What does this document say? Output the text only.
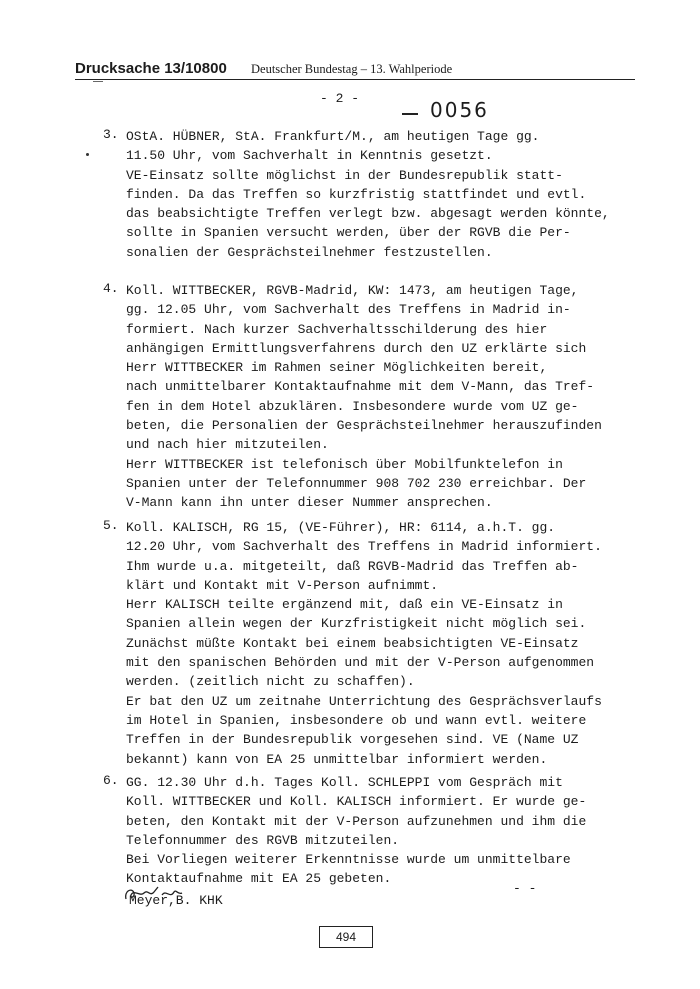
Drucksache 13/10800 Deutscher Bundestag – 13. Wahlperiode
- 2 -	0056
3. OStA. HÜBNER, StA. Frankfurt/M., am heutigen Tage gg.
11.50 Uhr, vom Sachverhalt in Kenntnis gesetzt.
VE-Einsatz sollte möglichst in der Bundesrepublik statt-
finden. Da das Treffen so kurzfristig stattfindet und evtl.
das beabsichtigte Treffen verlegt bzw. abgesagt werden könnte,
sollte in Spanien versucht werden, über der RGVB die Per-
sonalien der Gesprächsteilnehmer festzustellen.
4. Koll. WITTBECKER, RGVB-Madrid, KW: 1473, am heutigen Tage,
gg. 12.05 Uhr, vom Sachverhalt des Treffens in Madrid in-
formiert. Nach kurzer Sachverhaltsschilderung des hier
anhängigen Ermittlungsverfahrens durch den UZ erklärte sich
Herr WITTBECKER im Rahmen seiner Möglichkeiten bereit,
nach unmittelbarer Kontaktaufnahme mit dem V-Mann, das Tref-
fen in dem Hotel abzuklären. Insbesondere wurde vom UZ ge-
beten, die Personalien der Gesprächsteilnehmer herauszufinden
und nach hier mitzuteilen.
Herr WITTBECKER ist telefonisch über Mobilfunktelefon in
Spanien unter der Telefonnummer 908 702 230 erreichbar. Der
V-Mann kann ihn unter dieser Nummer ansprechen.
5. Koll. KALISCH, RG 15, (VE-Führer), HR: 6114, a.h.T. gg.
12.20 Uhr, vom Sachverhalt des Treffens in Madrid informiert.
Ihm wurde u.a. mitgeteilt, daß RGVB-Madrid das Treffen ab-
klärt und Kontakt mit V-Person aufnimmt.
Herr KALISCH teilte ergänzend mit, daß ein VE-Einsatz in
Spanien allein wegen der Kurzfristigkeit nicht möglich sei.
Zunächst müßte Kontakt bei einem beabsichtigten VE-Einsatz
mit den spanischen Behörden und mit der V-Person aufgenommen
werden. (zeitlich nicht zu schaffen).
Er bat den UZ um zeitnahe Unterrichtung des Gesprächsverlaufs
im Hotel in Spanien, insbesondere ob und wann evtl. weitere
Treffen in der Bundesrepublik vorgesehen sind. VE (Name UZ
bekannt) kann von EA 25 unmittelbar informiert werden.
6. GG. 12.30 Uhr d.h. Tages Koll. SCHLEPPI vom Gespräch mit
Koll. WITTBECKER und Koll. KALISCH informiert. Er wurde ge-
beten, den Kontakt mit der V-Person aufzunehmen und ihm die
Telefonnummer des RGVB mitzuteilen.
Bei Vorliegen weiterer Erkenntnisse wurde um unmittelbare
Kontaktaufnahme mit EA 25 gebeten.
Meyer,B. KHK
- -
494
